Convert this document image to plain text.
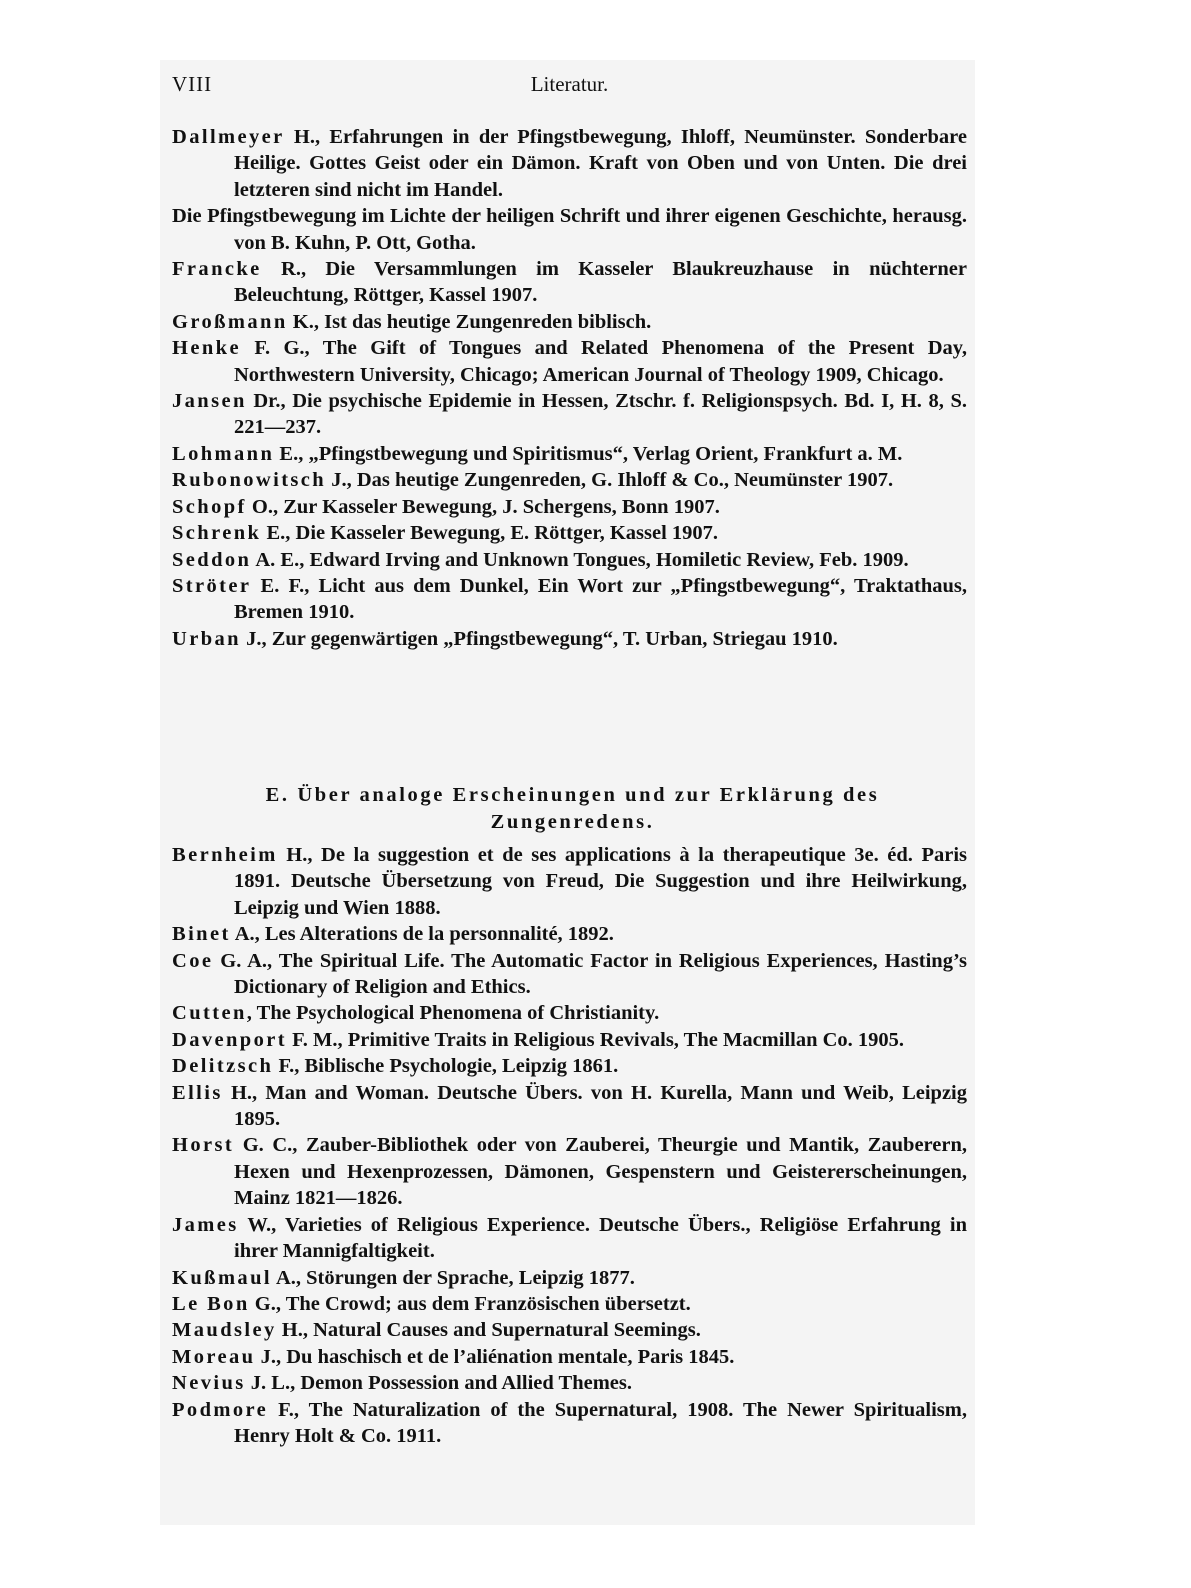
VIII	Literatur.
Dallmeyer H., Erfahrungen in der Pfingstbewegung, Ihloff, Neumünster. Sonderbare Heilige. Gottes Geist oder ein Dämon. Kraft von Oben und von Unten. Die drei letzteren sind nicht im Handel.
Die Pfingstbewegung im Lichte der heiligen Schrift und ihrer eigenen Geschichte, herausg. von B. Kuhn, P. Ott, Gotha.
Francke R., Die Versammlungen im Kasseler Blaukreuzhause in nüchterner Beleuchtung, Röttger, Kassel 1907.
Großmann K., Ist das heutige Zungenreden biblisch.
Henke F. G., The Gift of Tongues and Related Phenomena of the Present Day, Northwestern University, Chicago; American Journal of Theology 1909, Chicago.
Jansen Dr., Die psychische Epidemie in Hessen, Ztschr. f. Religionspsych. Bd. I, H. 8, S. 221—237.
Lohmann E., „Pfingstbewegung und Spiritismus“, Verlag Orient, Frankfurt a. M.
Rubonowitsch J., Das heutige Zungenreden, G. Ihloff & Co., Neumünster 1907.
Schopf O., Zur Kasseler Bewegung, J. Schergens, Bonn 1907.
Schrenk E., Die Kasseler Bewegung, E. Röttger, Kassel 1907.
Seddon A. E., Edward Irving and Unknown Tongues, Homiletic Review, Feb. 1909.
Ströter E. F., Licht aus dem Dunkel, Ein Wort zur „Pfingstbewegung“, Traktathaus, Bremen 1910.
Urban J., Zur gegenwärtigen „Pfingstbewegung“, T. Urban, Striegau 1910.
E. Über analoge Erscheinungen und zur Erklärung des Zungenredens.
Bernheim H., De la suggestion et de ses applications à la therapeutique 3e. éd. Paris 1891. Deutsche Übersetzung von Freud, Die Suggestion und ihre Heilwirkung, Leipzig und Wien 1888.
Binet A., Les Alterations de la personnalité, 1892.
Coe G. A., The Spiritual Life. The Automatic Factor in Religious Experiences, Hasting’s Dictionary of Religion and Ethics.
Cutten, The Psychological Phenomena of Christianity.
Davenport F. M., Primitive Traits in Religious Revivals, The Macmillan Co. 1905.
Delitzsch F., Biblische Psychologie, Leipzig 1861.
Ellis H., Man and Woman. Deutsche Übers. von H. Kurella, Mann und Weib, Leipzig 1895.
Horst G. C., Zauber-Bibliothek oder von Zauberei, Theurgie und Mantik, Zauberern, Hexen und Hexenprozessen, Dämonen, Gespenstern und Geistererscheinungen, Mainz 1821—1826.
James W., Varieties of Religious Experience. Deutsche Übers., Religiöse Erfahrung in ihrer Mannigfaltigkeit.
Kußmaul A., Störungen der Sprache, Leipzig 1877.
Le Bon G., The Crowd; aus dem Französischen übersetzt.
Maudsley H., Natural Causes and Supernatural Seemings.
Moreau J., Du haschisch et de l’aliénation mentale, Paris 1845.
Nevius J. L., Demon Possession and Allied Themes.
Podmore F., The Naturalization of the Supernatural, 1908. The Newer Spiritualism, Henry Holt & Co. 1911.
